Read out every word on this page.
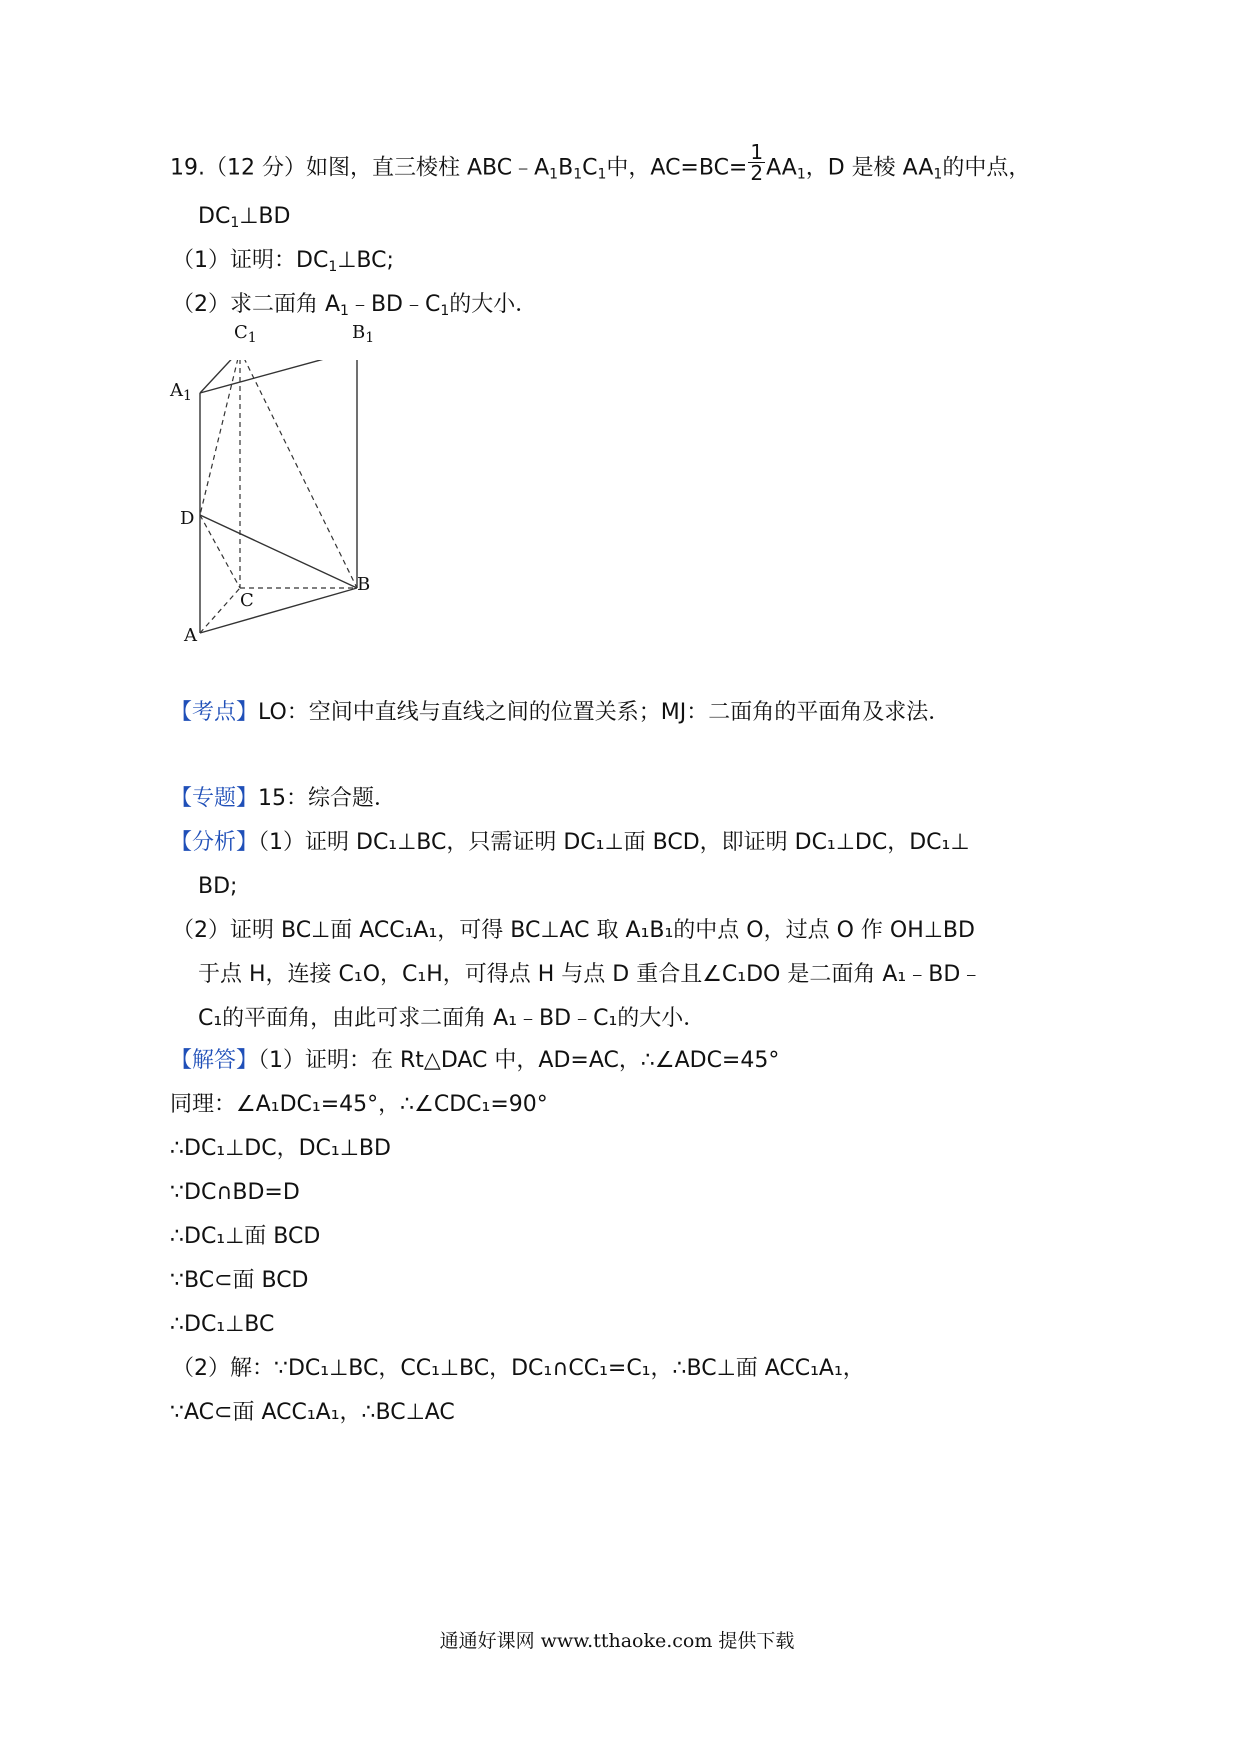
19.（12 分）如图，直三棱柱 $ABC﹣A_1B_1C_1$中，$AC=BC= \frac{1}{2} AA_1$，D 是棱 $AA_1$的中点，
$DC_1\perp BD$
（1）证明：$DC_1\perp BC$;
（2）求二面角 $A_1﹣BD﹣C_1$的大小．
$C_1$	$B_1$
$A_1$
D
C
B
A
【考点】LO：空间中直线与直线之间的位置关系；MJ：二面角的平面角及求法．
【专题】15：综合题．
【分析】（1）证明 DC₁⊥BC，只需证明 DC₁⊥面 BCD，即证明 DC₁⊥DC，DC₁⊥
BD;
（2）证明 BC⊥面 ACC₁A₁，可得 BC⊥AC 取 A₁B₁的中点 O，过点 O 作 OH⊥BD
于点 H，连接 C₁O，C₁H，可得点 H 与点 D 重合且∠C₁DO 是二面角 A₁﹣BD﹣
C₁的平面角，由此可求二面角 A₁﹣BD﹣C₁的大小．
【解答】（1）证明：在 Rt△DAC 中，AD=AC，∴∠ADC=45°
同理：∠A₁DC₁=45°，∴∠CDC₁=90°
∴DC₁⊥DC，DC₁⊥BD
∵DC∩BD=D
∴DC₁⊥面 BCD
∵BC⊂面 BCD
∴DC₁⊥BC
（2）解：∵DC₁⊥BC，CC₁⊥BC，DC₁∩CC₁=C₁，∴BC⊥面 ACC₁A₁，
∵AC⊂面 ACC₁A₁，∴BC⊥AC
通通好课网 www.tthaoke.com 提供下载
